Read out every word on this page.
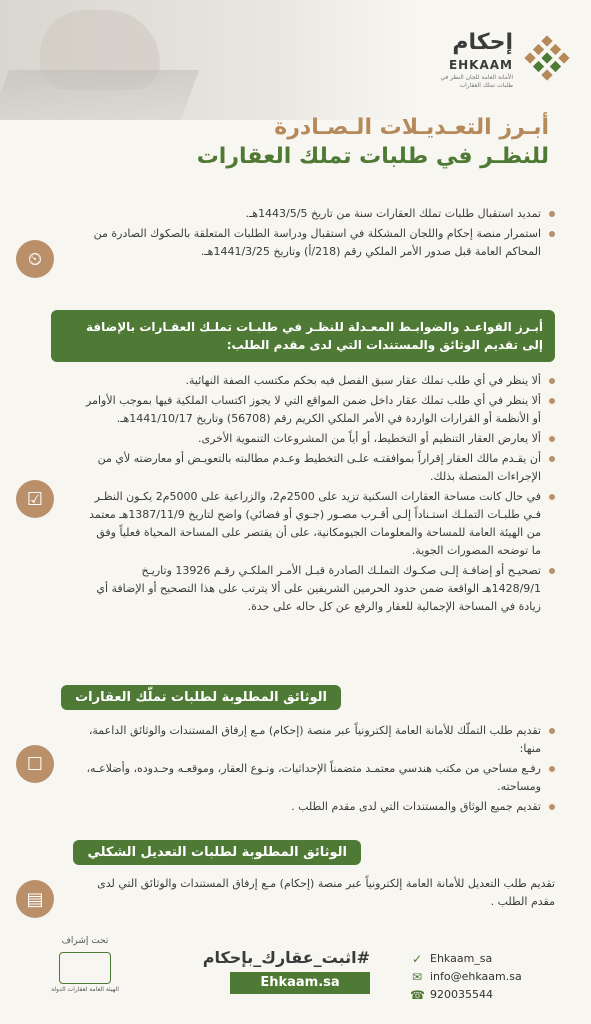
إحكام
EHKAAM
الأمانة العامة للجان النظر في طلبات تملك العقارات
أبـرز التعـديـلات الـصـادرة
للنظـر في طلبات تملك العقارات
⏲
☑
☐
▤
تمديد استقبال طلبات تملك العقارات سنة من تاريخ 1443/5/5هـ.
استمرار منصة إحكام واللجان المشكلة في استقبال ودراسة الطلبات المتعلقة بالصكوك الصادرة من المحاكم العامة قبل صدور الأمر الملكي رقم (218/أ) وتاريخ 1441/3/25هـ.
أبـرز القواعـد والضوابـط المعـدلة للنظـر في طلبـات تملـك العقـارات بالإضافة إلى تقديم الوثائق والمستندات التي لدى مقدم الطلب:
ألا ينظر في أي طلب تملك عقار سبق الفصل فيه بحكم مكتسب الصفة النهائية.
ألا ينظر في أي طلب تملك عقار داخل ضمن المواقع التي لا يجوز اكتساب الملكية فيها بموجب الأوامر أو الأنظمة أو القرارات الواردة في الأمر الملكي الكريم رقم (56708) وتاريخ 1441/10/17هـ.
ألا يعارض العقار التنظيم أو التخطيط، أو أياً من المشروعات التنموية الأخرى.
أن يقـدم مالك العقار إقراراً بموافقتـه علـى التخطيط وعـدم مطالبته بالتعويـض أو معارضته لأي من الإجراءات المتصلة بذلك.
في حال كانت مساحة العقارات السكنية تزيد على 2500م2، والزراعية على 5000م2 يكـون النظـر فـي طلبـات التملـك استـناداً إلـى أقـرب مصـور (جـوي أو فضائي) واضح لتاريخ 1387/11/9هـ معتمد من الهيئة العامة للمساحة والمعلومات الجيومكانية، على أن يقتصر على المساحة المحياة فعلياً وفق ما توضحه المصورات الجوية.
تصحيـح أو إضافـة إلـى صكـوك التملـك الصادرة قبـل الأمـر الملكـي رقـم 13926 وتاريـخ 1428/9/1هـ الواقعة ضمن حدود الحرمين الشريفين على ألا يترتب على هذا التصحيح أو الإضافة أي زيادة في المساحة الإجمالية للعقار والرفع عن كل حاله على حدة.
الوثائق المطلوبة لطلبات تملّك العقارات
تقديم طلب التملّك للأمانة العامة إلكترونياً عبر منصة (إحكام) مـع إرفاق المستندات والوثائق الداعمة، منها:
رفـع مساحي من مكتب هندسي معتمـد متضمناً الإحداثيات، ونـوع العقار، وموقعـه وحـدوده، وأضلاعـه، ومساحته.
تقديم جميع الوثاق والمستندات التي لدى مقدم الطلب .
الوثائق المطلوبة لطلبات التعديل الشكلي

تقديم طلب التعديل للأمانة العامة إلكترونياً عبر منصة (إحكام) مـع إرفاق المستندات والوثائق التي لدى مقدم الطلب .

تحت إشراف
الهيئة العامة لعقارات الدولة
#اثبت_عقارك_بإحكام
Ehkaam.sa
✓ Ehkaam_sa
✉ info@ehkaam.sa
☎ 920035544
